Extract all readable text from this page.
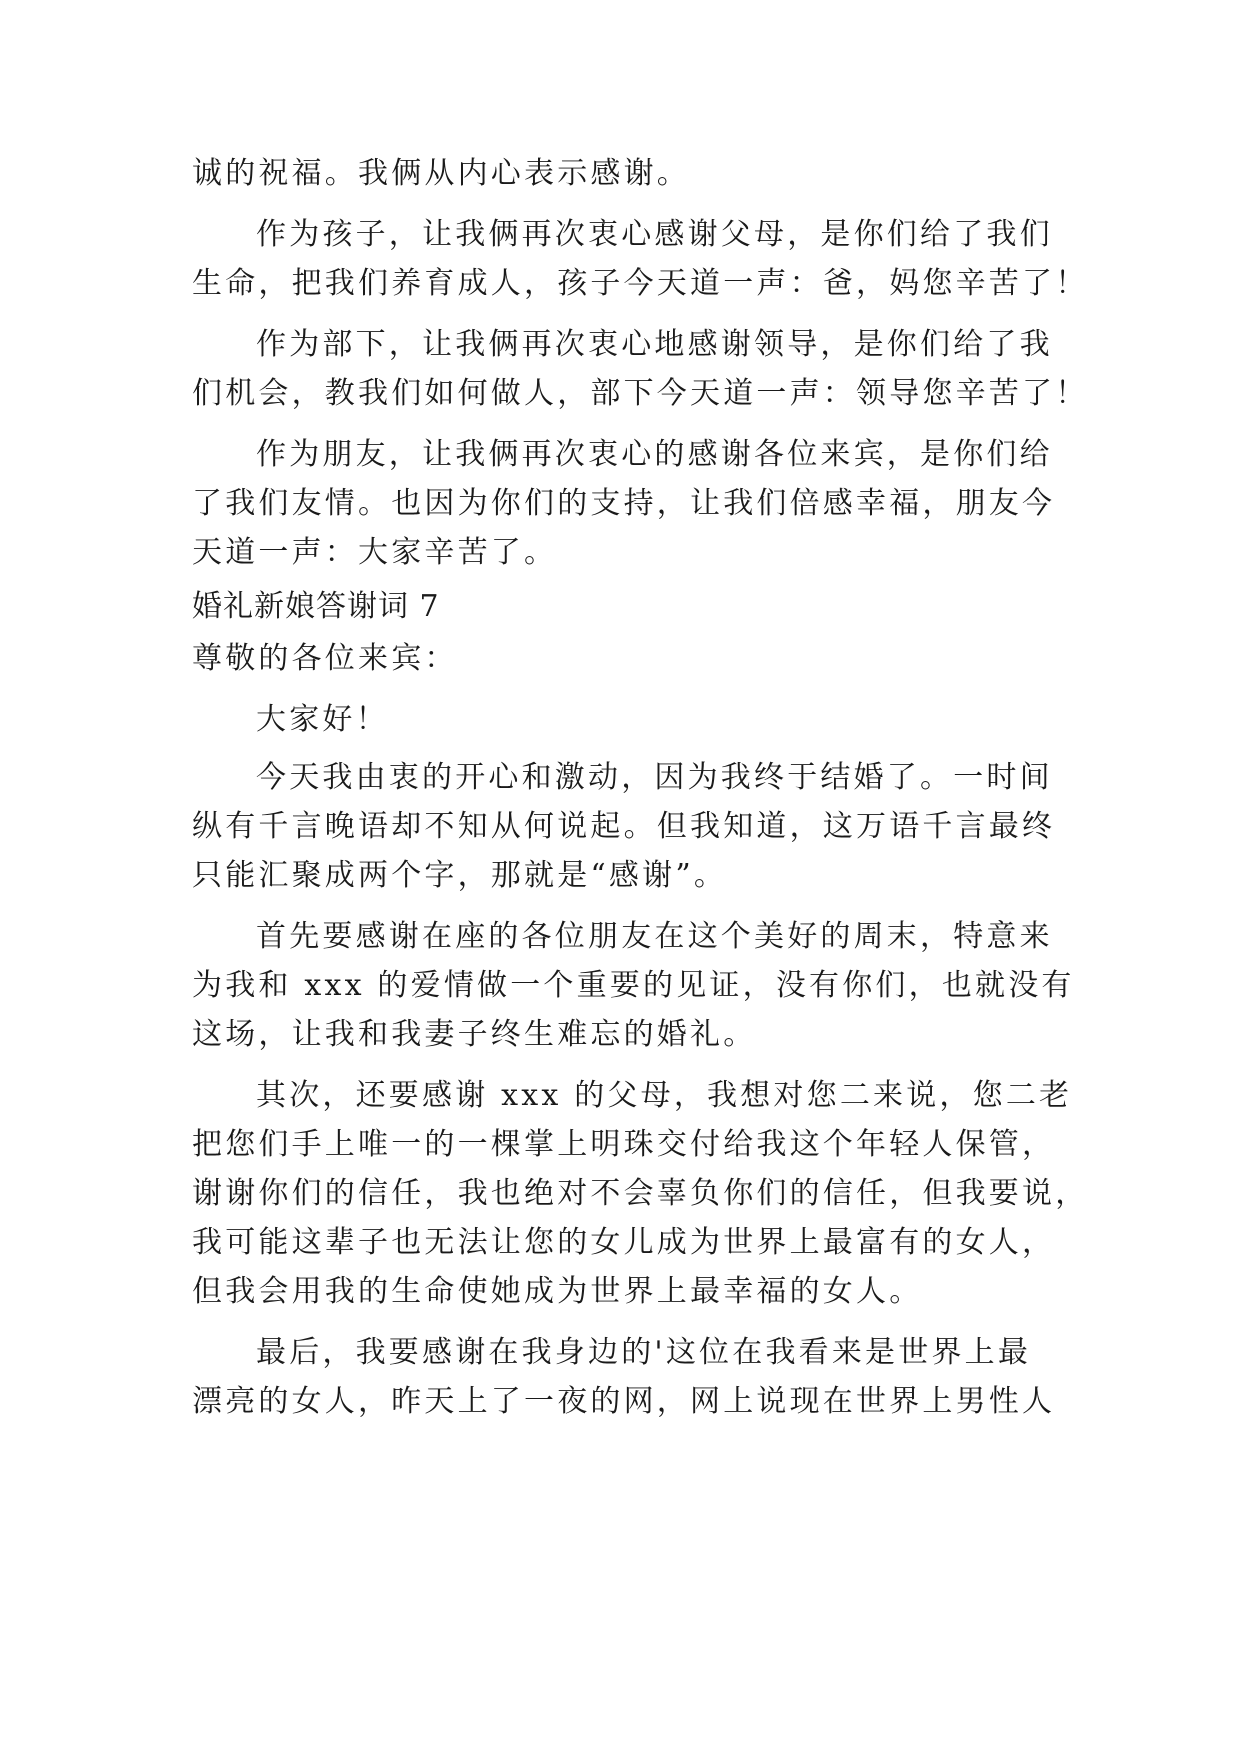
诚的祝福。我俩从内心表示感谢。

作为孩子，让我俩再次衷心感谢父母，是你们给了我们

生命，把我们养育成人，孩子今天道一声：爸，妈您辛苦了！

作为部下，让我俩再次衷心地感谢领导，是你们给了我

们机会，教我们如何做人，部下今天道一声：领导您辛苦了！

作为朋友，让我俩再次衷心的感谢各位来宾，是你们给

了我们友情。也因为你们的支持，让我们倍感幸福，朋友今

天道一声：大家辛苦了。

婚礼新娘答谢词 7

尊敬的各位来宾：

大家好！

今天我由衷的开心和激动，因为我终于结婚了。一时间

纵有千言晚语却不知从何说起。但我知道，这万语千言最终

只能汇聚成两个字，那就是“感谢”。

首先要感谢在座的各位朋友在这个美好的周末，特意来

为我和 xxx 的爱情做一个重要的见证，没有你们，也就没有

这场，让我和我妻子终生难忘的婚礼。

其次，还要感谢 xxx 的父母，我想对您二来说，您二老

把您们手上唯一的一棵掌上明珠交付给我这个年轻人保管，

谢谢你们的信任，我也绝对不会辜负你们的信任，但我要说，

我可能这辈子也无法让您的女儿成为世界上最富有的女人，

但我会用我的生命使她成为世界上最幸福的女人。

最后，我要感谢在我身边的'这位在我看来是世界上最

漂亮的女人，昨天上了一夜的网，网上说现在世界上男性人
